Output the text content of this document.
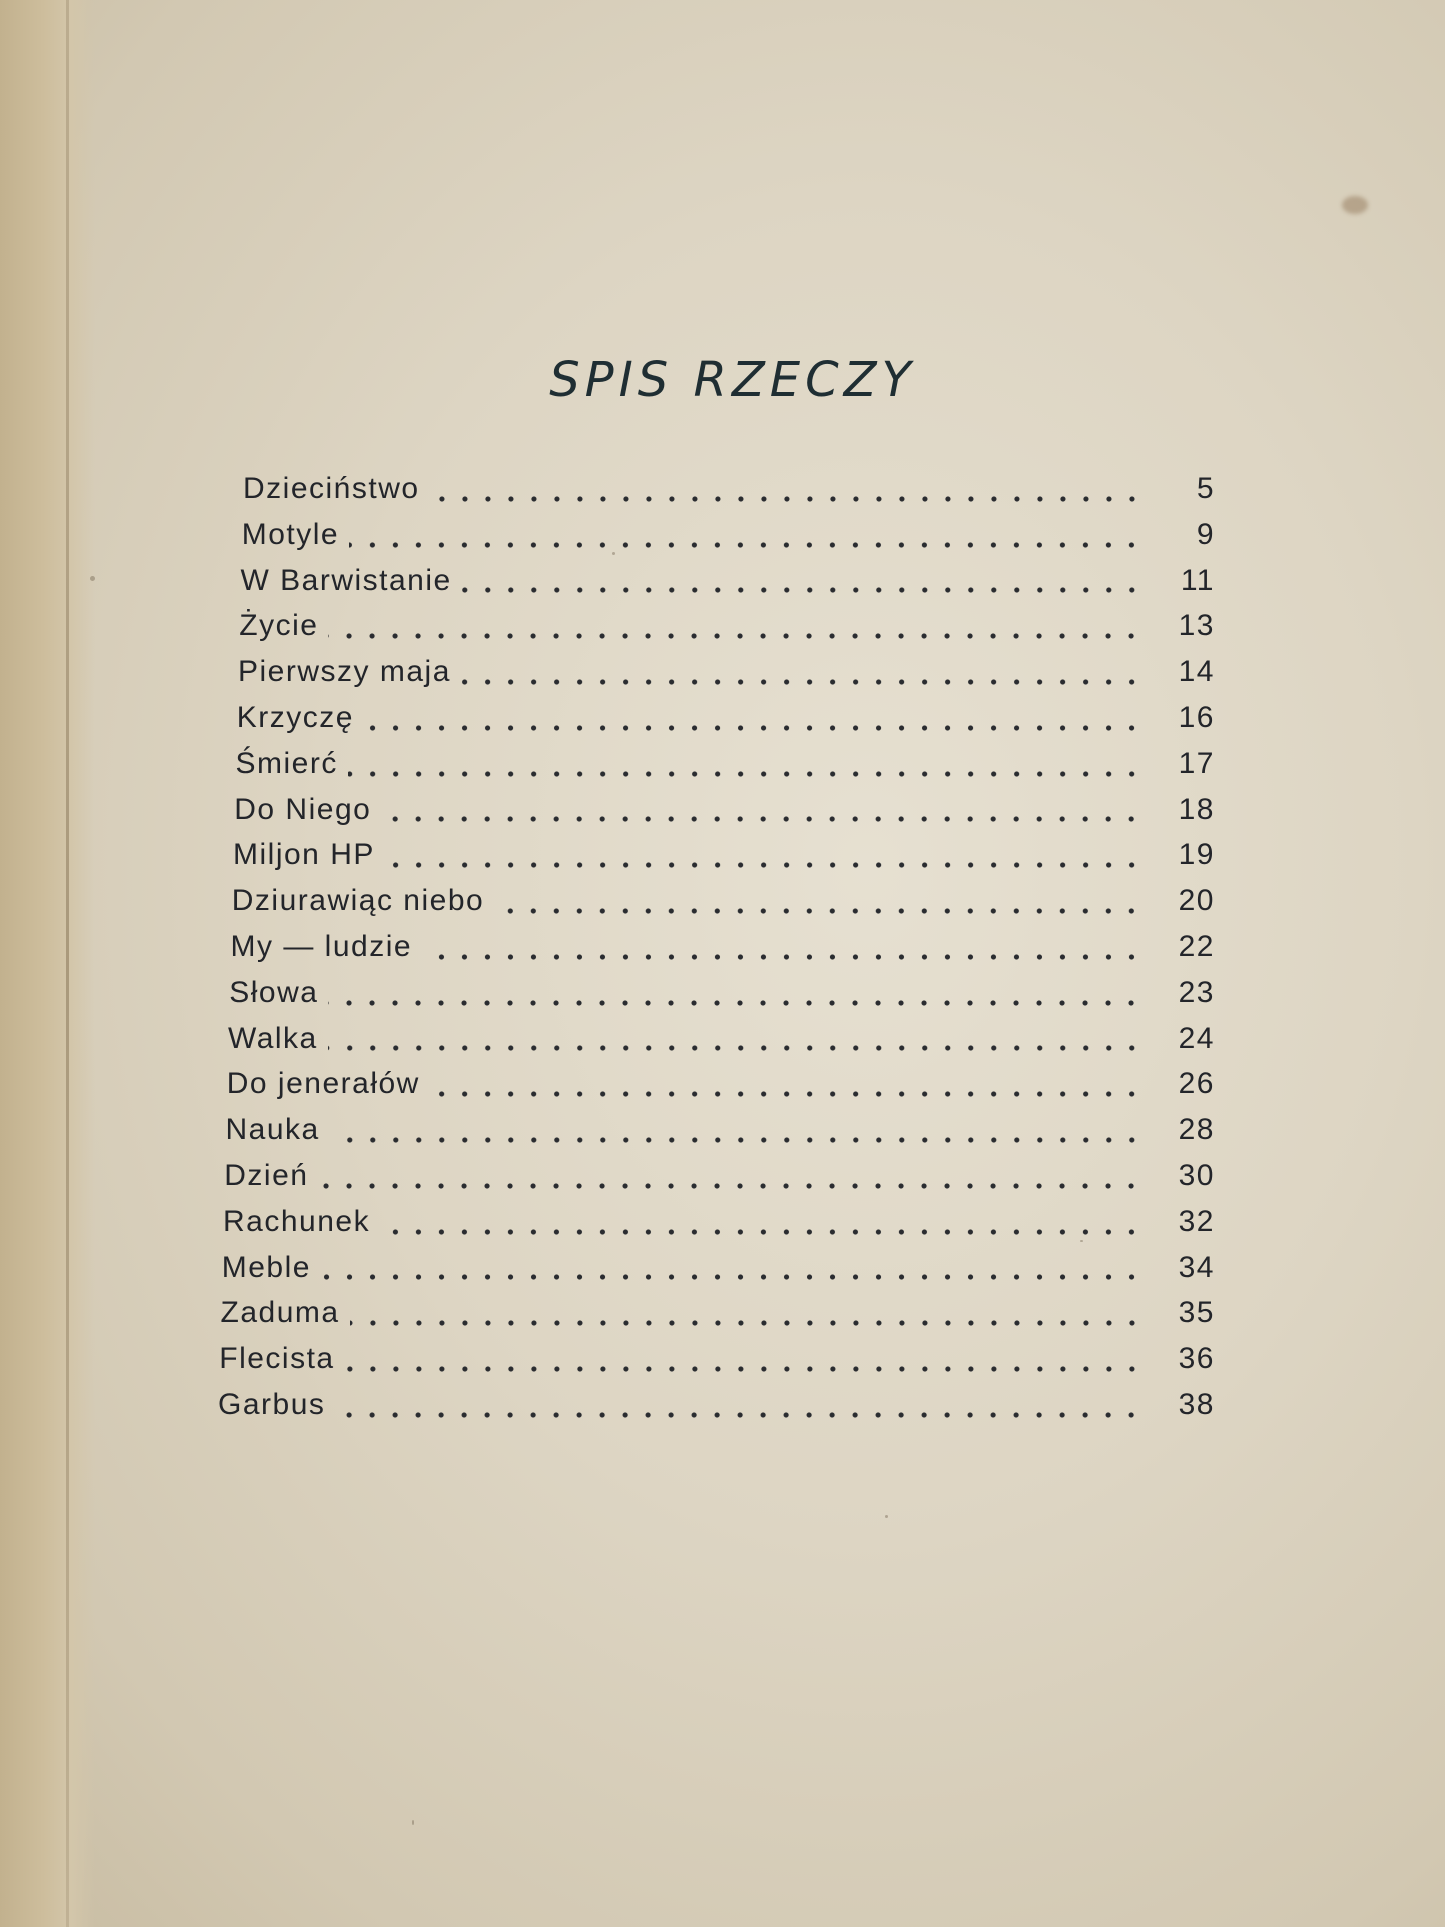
SPIS RZECZY
Dzieciństwo	5
Motyle	9
W Barwistanie	11
Życie	13
Pierwszy maja	14
Krzyczę	16
Śmierć	17
Do Niego	18
Miljon HP	19
Dziurawiąc niebo	20
My — ludzie	22
Słowa	23
Walka	24
Do jenerałów	26
Nauka	28
Dzień	30
Rachunek	32
Meble	34
Zaduma	35
Flecista	36
Garbus	38
